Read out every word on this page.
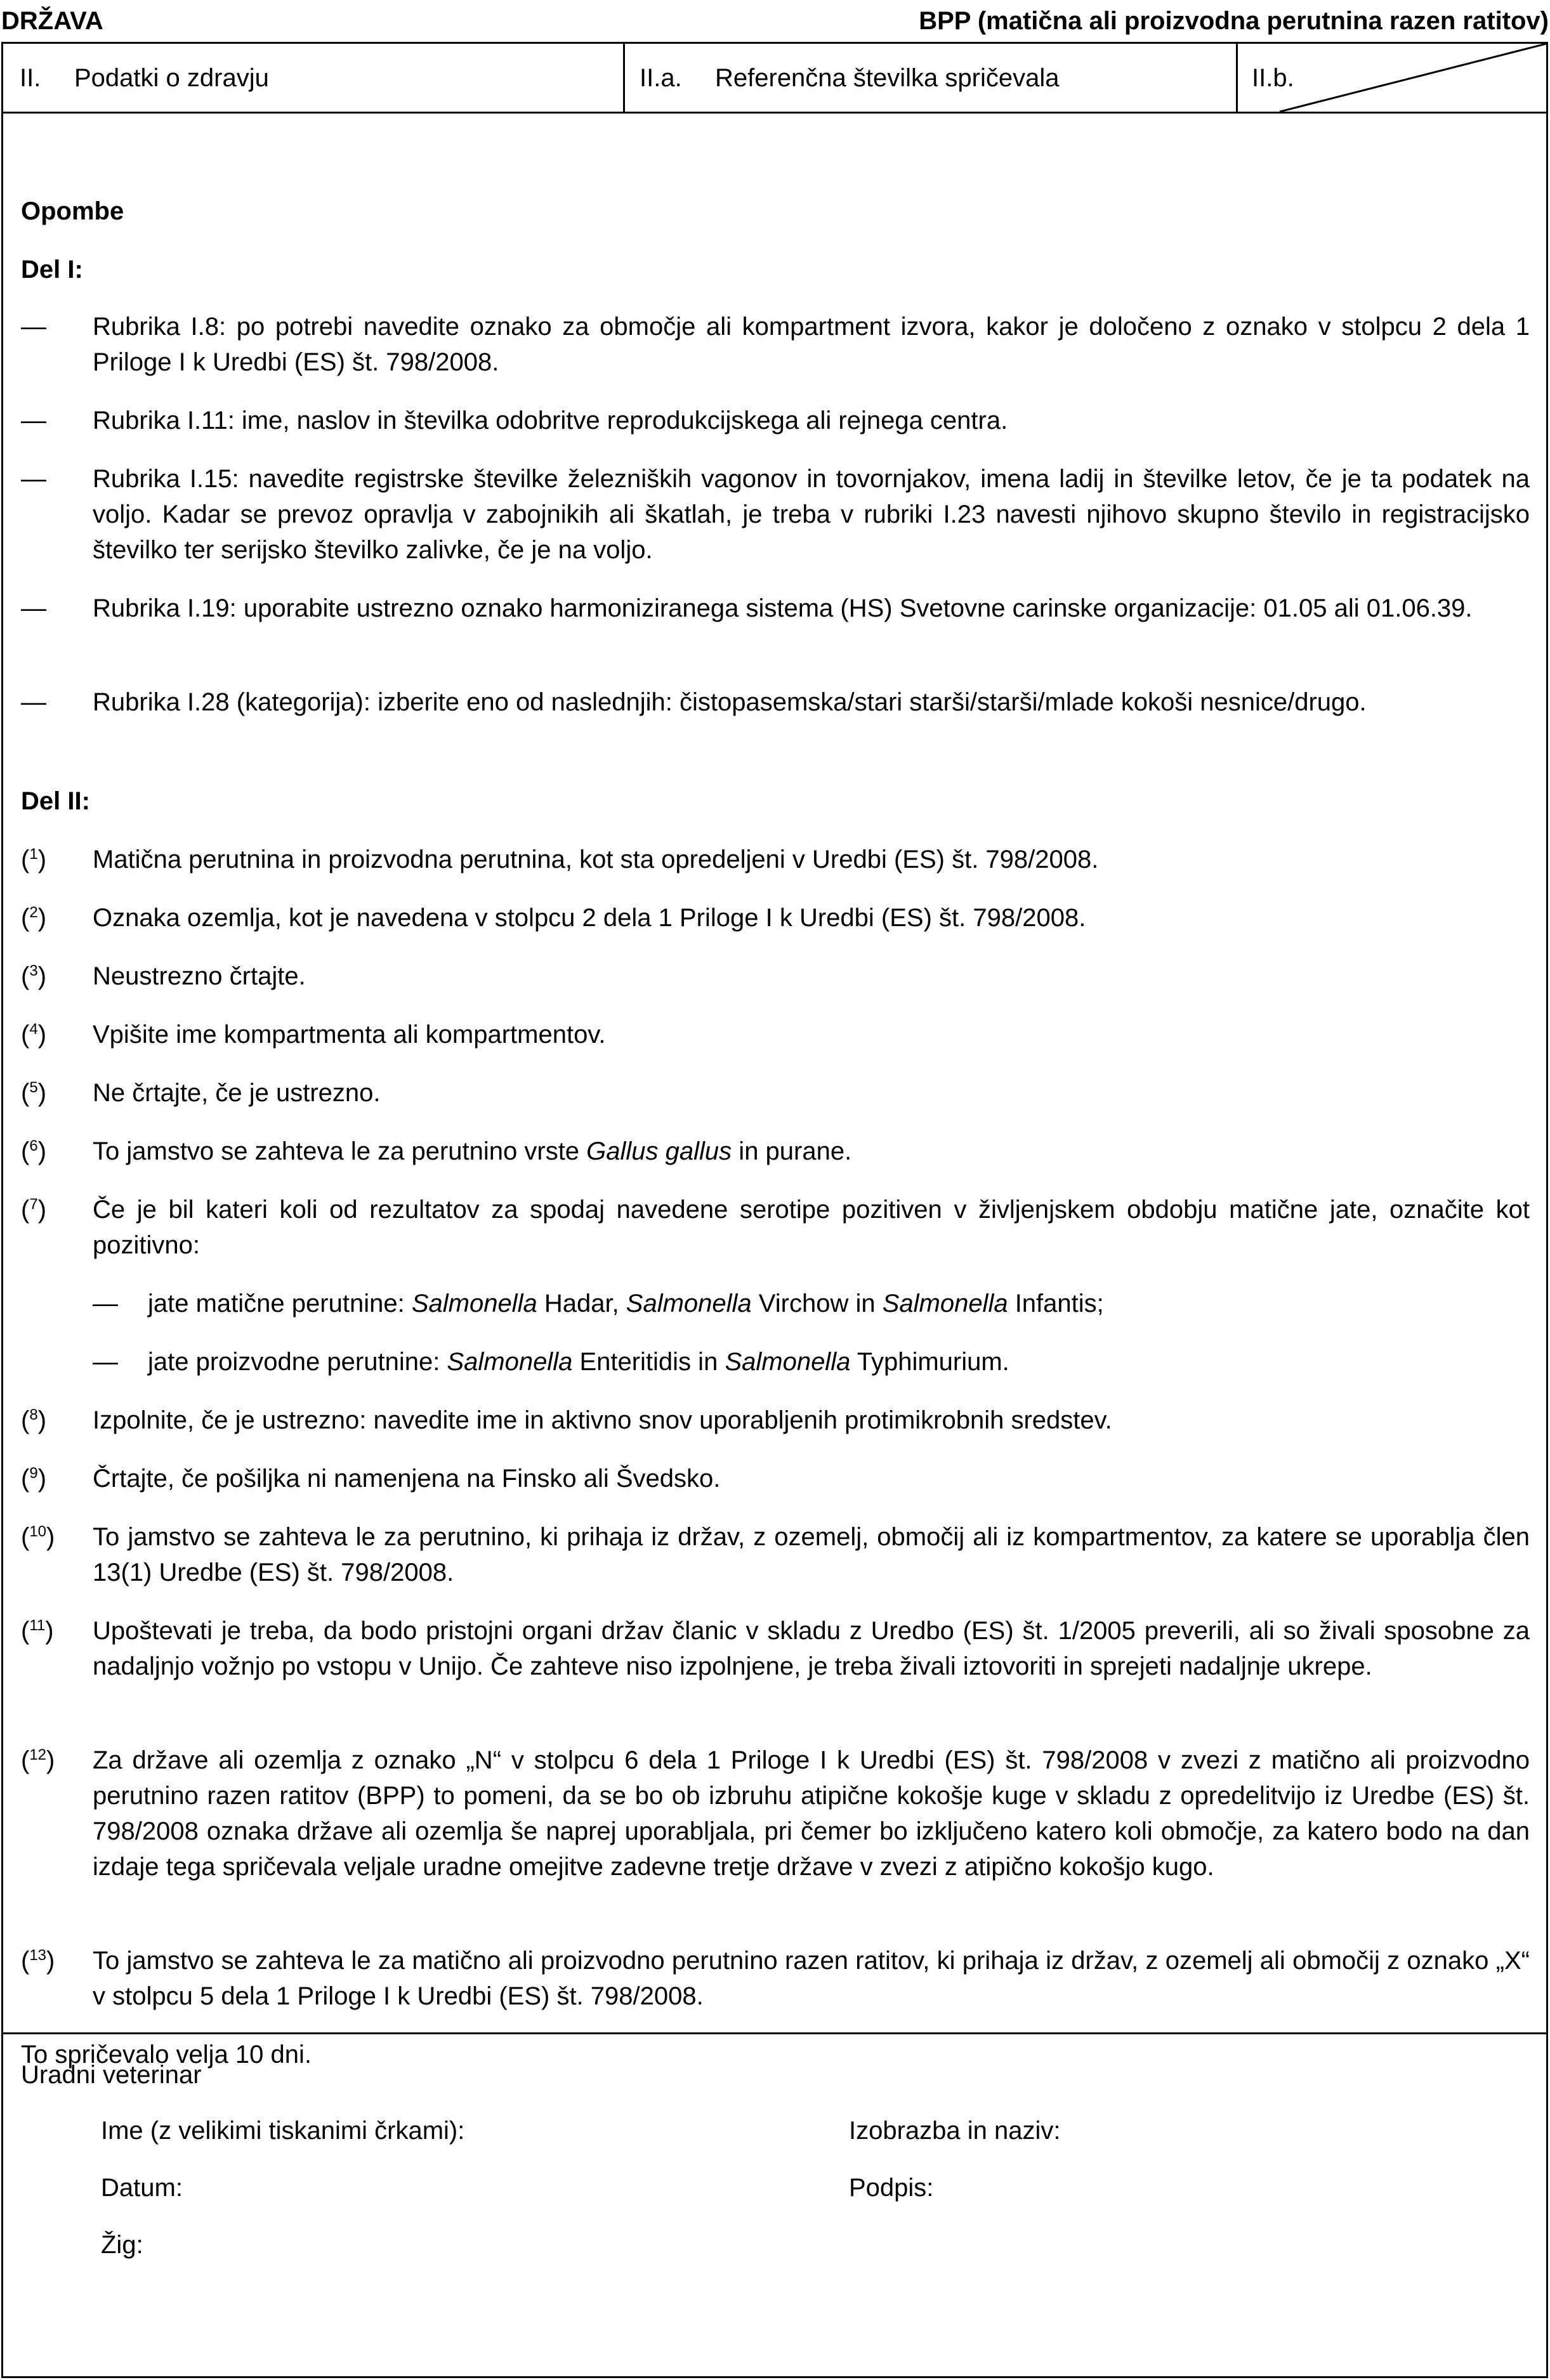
DRŽAVA	BPP (matična ali proizvodna perutnina razen ratitov)
II. Podatki o zdravju	II.a. Referenčna številka spričevala	II.b.
Opombe
Del I:
—	Rubrika I.8: po potrebi navedite oznako za območje ali kompartment izvora, kakor je določeno z oznako v stolpcu 2 dela 1 Priloge I k Uredbi (ES) št. 798/2008.
—	Rubrika I.11: ime, naslov in številka odobritve reprodukcijskega ali rejnega centra.
—	Rubrika I.15: navedite registrske številke železniških vagonov in tovornjakov, imena ladij in številke letov, če je ta podatek na voljo. Kadar se prevoz opravlja v zabojnikih ali škatlah, je treba v rubriki I.23 navesti njihovo skupno število in registracijsko številko ter serijsko številko zalivke, če je na voljo.
—	Rubrika I.19: uporabite ustrezno oznako harmoniziranega sistema (HS) Svetovne carinske organizacije: 01.05 ali 01.06.39.
—	Rubrika I.28 (kategorija): izberite eno od naslednjih: čistopasemska/stari starši/starši/mlade kokoši nesnice/drugo.
Del II:
($^1$)	Matična perutnina in proizvodna perutnina, kot sta opredeljeni v Uredbi (ES) št. 798/2008.
($^2$)	Oznaka ozemlja, kot je navedena v stolpcu 2 dela 1 Priloge I k Uredbi (ES) št. 798/2008.
($^3$)	Neustrezno črtajte.
($^4$)	Vpišite ime kompartmenta ali kompartmentov.
($^5$)	Ne črtajte, če je ustrezno.
($^6$)	To jamstvo se zahteva le za perutnino vrste Gallus gallus in purane.
($^7$)	Če je bil kateri koli od rezultatov za spodaj navedene serotipe pozitiven v življenjskem obdobju matične jate, označite kot pozitivno:
—	jate matične perutnine: Salmonella Hadar, Salmonella Virchow in Salmonella Infantis;
—	jate proizvodne perutnine: Salmonella Enteritidis in Salmonella Typhimurium.
($^8$)	Izpolnite, če je ustrezno: navedite ime in aktivno snov uporabljenih protimikrobnih sredstev.
($^9$)	Črtajte, če pošiljka ni namenjena na Finsko ali Švedsko.
($^{10}$)	To jamstvo se zahteva le za perutnino, ki prihaja iz držav, z ozemelj, območij ali iz kompartmentov, za katere se uporablja člen 13(1) Uredbe (ES) št. 798/2008.
($^{11}$)	Upoštevati je treba, da bodo pristojni organi držav članic v skladu z Uredbo (ES) št. 1/2005 preverili, ali so živali sposobne za nadaljnjo vožnjo po vstopu v Unijo. Če zahteve niso izpolnjene, je treba živali iztovoriti in sprejeti nadaljnje ukrepe.
($^{12}$)	Za države ali ozemlja z oznako „N“ v stolpcu 6 dela 1 Priloge I k Uredbi (ES) št. 798/2008 v zvezi z matično ali proizvodno perutnino razen ratitov (BPP) to pomeni, da se bo ob izbruhu atipične kokošje kuge v skladu z opredelitvijo iz Uredbe (ES) št. 798/2008 oznaka države ali ozemlja še naprej uporabljala, pri čemer bo izključeno katero koli območje, za katero bodo na dan izdaje tega spričevala veljale uradne omejitve zadevne tretje države v zvezi z atipično kokošjo kugo.
($^{13}$)	To jamstvo se zahteva le za matično ali proizvodno perutnino razen ratitov, ki prihaja iz držav, z ozemelj ali območij z oznako „X“ v stolpcu 5 dela 1 Priloge I k Uredbi (ES) št. 798/2008.
To spričevalo velja 10 dni.
Uradni veterinar
Ime (z velikimi tiskanimi črkami):	Izobrazba in naziv:
Datum:	Podpis:
Žig:
